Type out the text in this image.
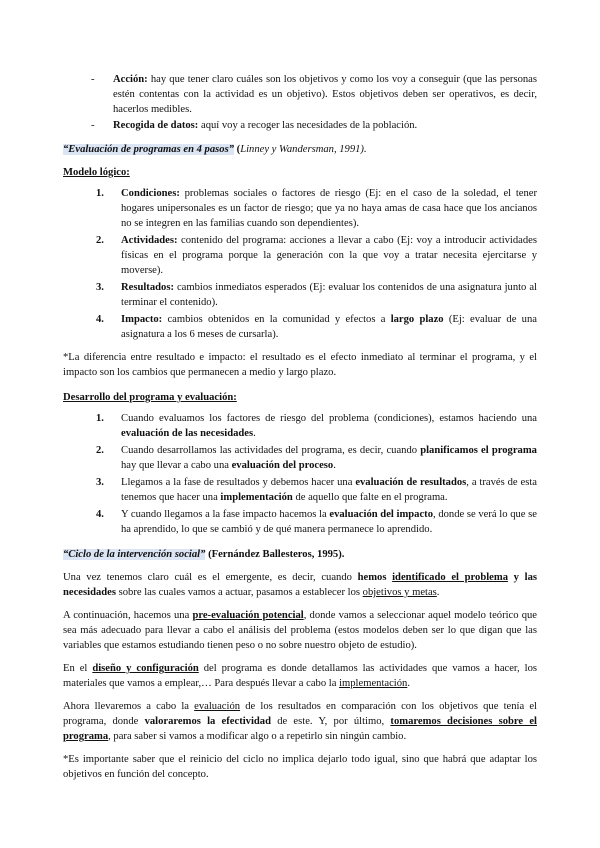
- Acción: hay que tener claro cuáles son los objetivos y como los voy a conseguir (que las personas estén contentas con la actividad es un objetivo). Estos objetivos deben ser operativos, es decir, hacerlos medibles.

- Recogida de datos: aquí voy a recoger las necesidades de la población.

“Evaluación de programas en 4 pasos” (Linney y Wandersman, 1991).

Modelo lógico:

1. Condiciones: problemas sociales o factores de riesgo (Ej: en el caso de la soledad, el tener hogares unipersonales es un factor de riesgo; que ya no haya amas de casa hace que los ancianos no se integren en las familias cuando son dependientes).

2. Actividades: contenido del programa: acciones a llevar a cabo (Ej: voy a introducir actividades físicas en el programa porque la generación con la que voy a tratar necesita ejercitarse y moverse).

3. Resultados: cambios inmediatos esperados (Ej: evaluar los contenidos de una asignatura junto al terminar el contenido).

4. Impacto: cambios obtenidos en la comunidad y efectos a largo plazo (Ej: evaluar de una asignatura a los 6 meses de cursarla).

*La diferencia entre resultado e impacto: el resultado es el efecto inmediato al terminar el programa, y el impacto son los cambios que permanecen a medio y largo plazo.

Desarrollo del programa y evaluación:

1. Cuando evaluamos los factores de riesgo del problema (condiciones), estamos haciendo una evaluación de las necesidades.

2. Cuando desarrollamos las actividades del programa, es decir, cuando planificamos el programa hay que llevar a cabo una evaluación del proceso.

3. Llegamos a la fase de resultados y debemos hacer una evaluación de resultados, a través de esta tenemos que hacer una implementación de aquello que falte en el programa.

4. Y cuando llegamos a la fase impacto hacemos la evaluación del impacto, donde se verá lo que se ha aprendido, lo que se cambió y de qué manera permanece lo aprendido.

“Ciclo de la intervención social” (Fernández Ballesteros, 1995).

Una vez tenemos claro cuál es el emergente, es decir, cuando hemos identificado el problema y las necesidades sobre las cuales vamos a actuar, pasamos a establecer los objetivos y metas.

A continuación, hacemos una pre-evaluación potencial, donde vamos a seleccionar aquel modelo teórico que sea más adecuado para llevar a cabo el análisis del problema (estos modelos deben ser lo que digan que las variables que estamos estudiando tienen peso o no sobre nuestro objeto de estudio).

En el diseño y configuración del programa es donde detallamos las actividades que vamos a hacer, los materiales que vamos a emplear,… Para después llevar a cabo la implementación.

Ahora llevaremos a cabo la evaluación de los resultados en comparación con los objetivos que tenía el programa, donde valoraremos la efectividad de este. Y, por último, tomaremos decisiones sobre el programa, para saber si vamos a modificar algo o a repetirlo sin ningún cambio.

*Es importante saber que el reinicio del ciclo no implica dejarlo todo igual, sino que habrá que adaptar los objetivos en función del concepto.
